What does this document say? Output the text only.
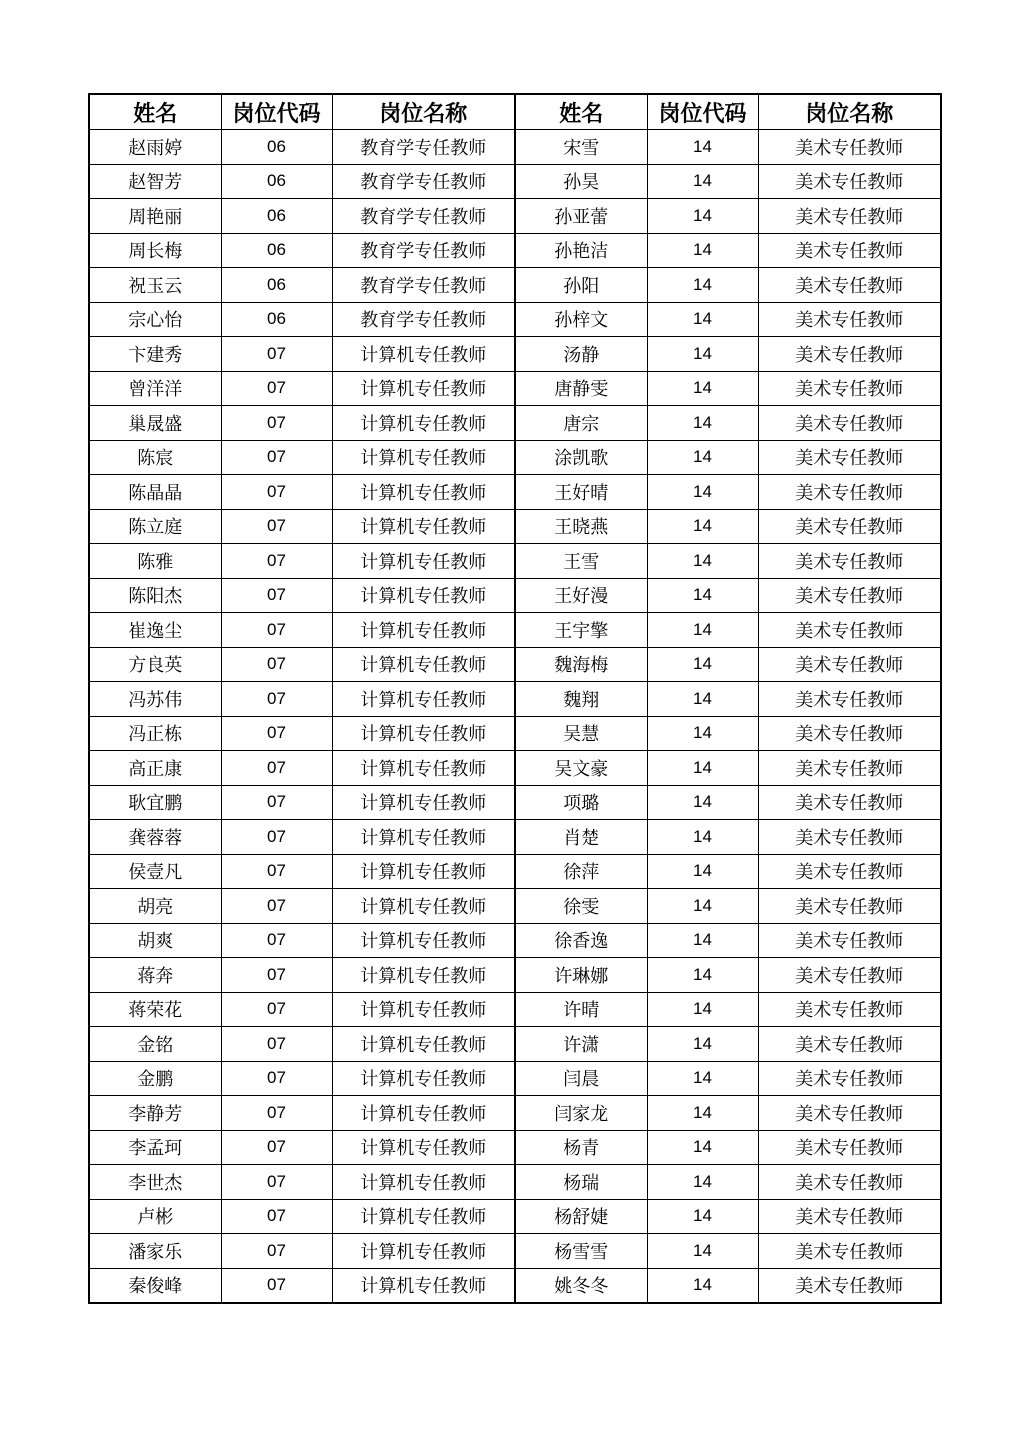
姓名	岗位代码	岗位名称	姓名	岗位代码	岗位名称
赵雨婷	06	教育学专任教师	宋雪	14	美术专任教师
赵智芳	06	教育学专任教师	孙昊	14	美术专任教师
周艳丽	06	教育学专任教师	孙亚蕾	14	美术专任教师
周长梅	06	教育学专任教师	孙艳洁	14	美术专任教师
祝玉云	06	教育学专任教师	孙阳	14	美术专任教师
宗心怡	06	教育学专任教师	孙梓文	14	美术专任教师
卞建秀	07	计算机专任教师	汤静	14	美术专任教师
曾洋洋	07	计算机专任教师	唐静雯	14	美术专任教师
巢晟盛	07	计算机专任教师	唐宗	14	美术专任教师
陈宸	07	计算机专任教师	涂凯歌	14	美术专任教师
陈晶晶	07	计算机专任教师	王好晴	14	美术专任教师
陈立庭	07	计算机专任教师	王晓燕	14	美术专任教师
陈雅	07	计算机专任教师	王雪	14	美术专任教师
陈阳杰	07	计算机专任教师	王好漫	14	美术专任教师
崔逸尘	07	计算机专任教师	王宇擎	14	美术专任教师
方良英	07	计算机专任教师	魏海梅	14	美术专任教师
冯苏伟	07	计算机专任教师	魏翔	14	美术专任教师
冯正栋	07	计算机专任教师	吴慧	14	美术专任教师
高正康	07	计算机专任教师	吴文豪	14	美术专任教师
耿宜鹏	07	计算机专任教师	项璐	14	美术专任教师
龚蓉蓉	07	计算机专任教师	肖楚	14	美术专任教师
侯壹凡	07	计算机专任教师	徐萍	14	美术专任教师
胡亮	07	计算机专任教师	徐雯	14	美术专任教师
胡爽	07	计算机专任教师	徐香逸	14	美术专任教师
蒋奔	07	计算机专任教师	许琳娜	14	美术专任教师
蒋荣花	07	计算机专任教师	许晴	14	美术专任教师
金铭	07	计算机专任教师	许潇	14	美术专任教师
金鹏	07	计算机专任教师	闫晨	14	美术专任教师
李静芳	07	计算机专任教师	闫家龙	14	美术专任教师
李孟珂	07	计算机专任教师	杨青	14	美术专任教师
李世杰	07	计算机专任教师	杨瑞	14	美术专任教师
卢彬	07	计算机专任教师	杨舒婕	14	美术专任教师
潘家乐	07	计算机专任教师	杨雪雪	14	美术专任教师
秦俊峰	07	计算机专任教师	姚冬冬	14	美术专任教师
